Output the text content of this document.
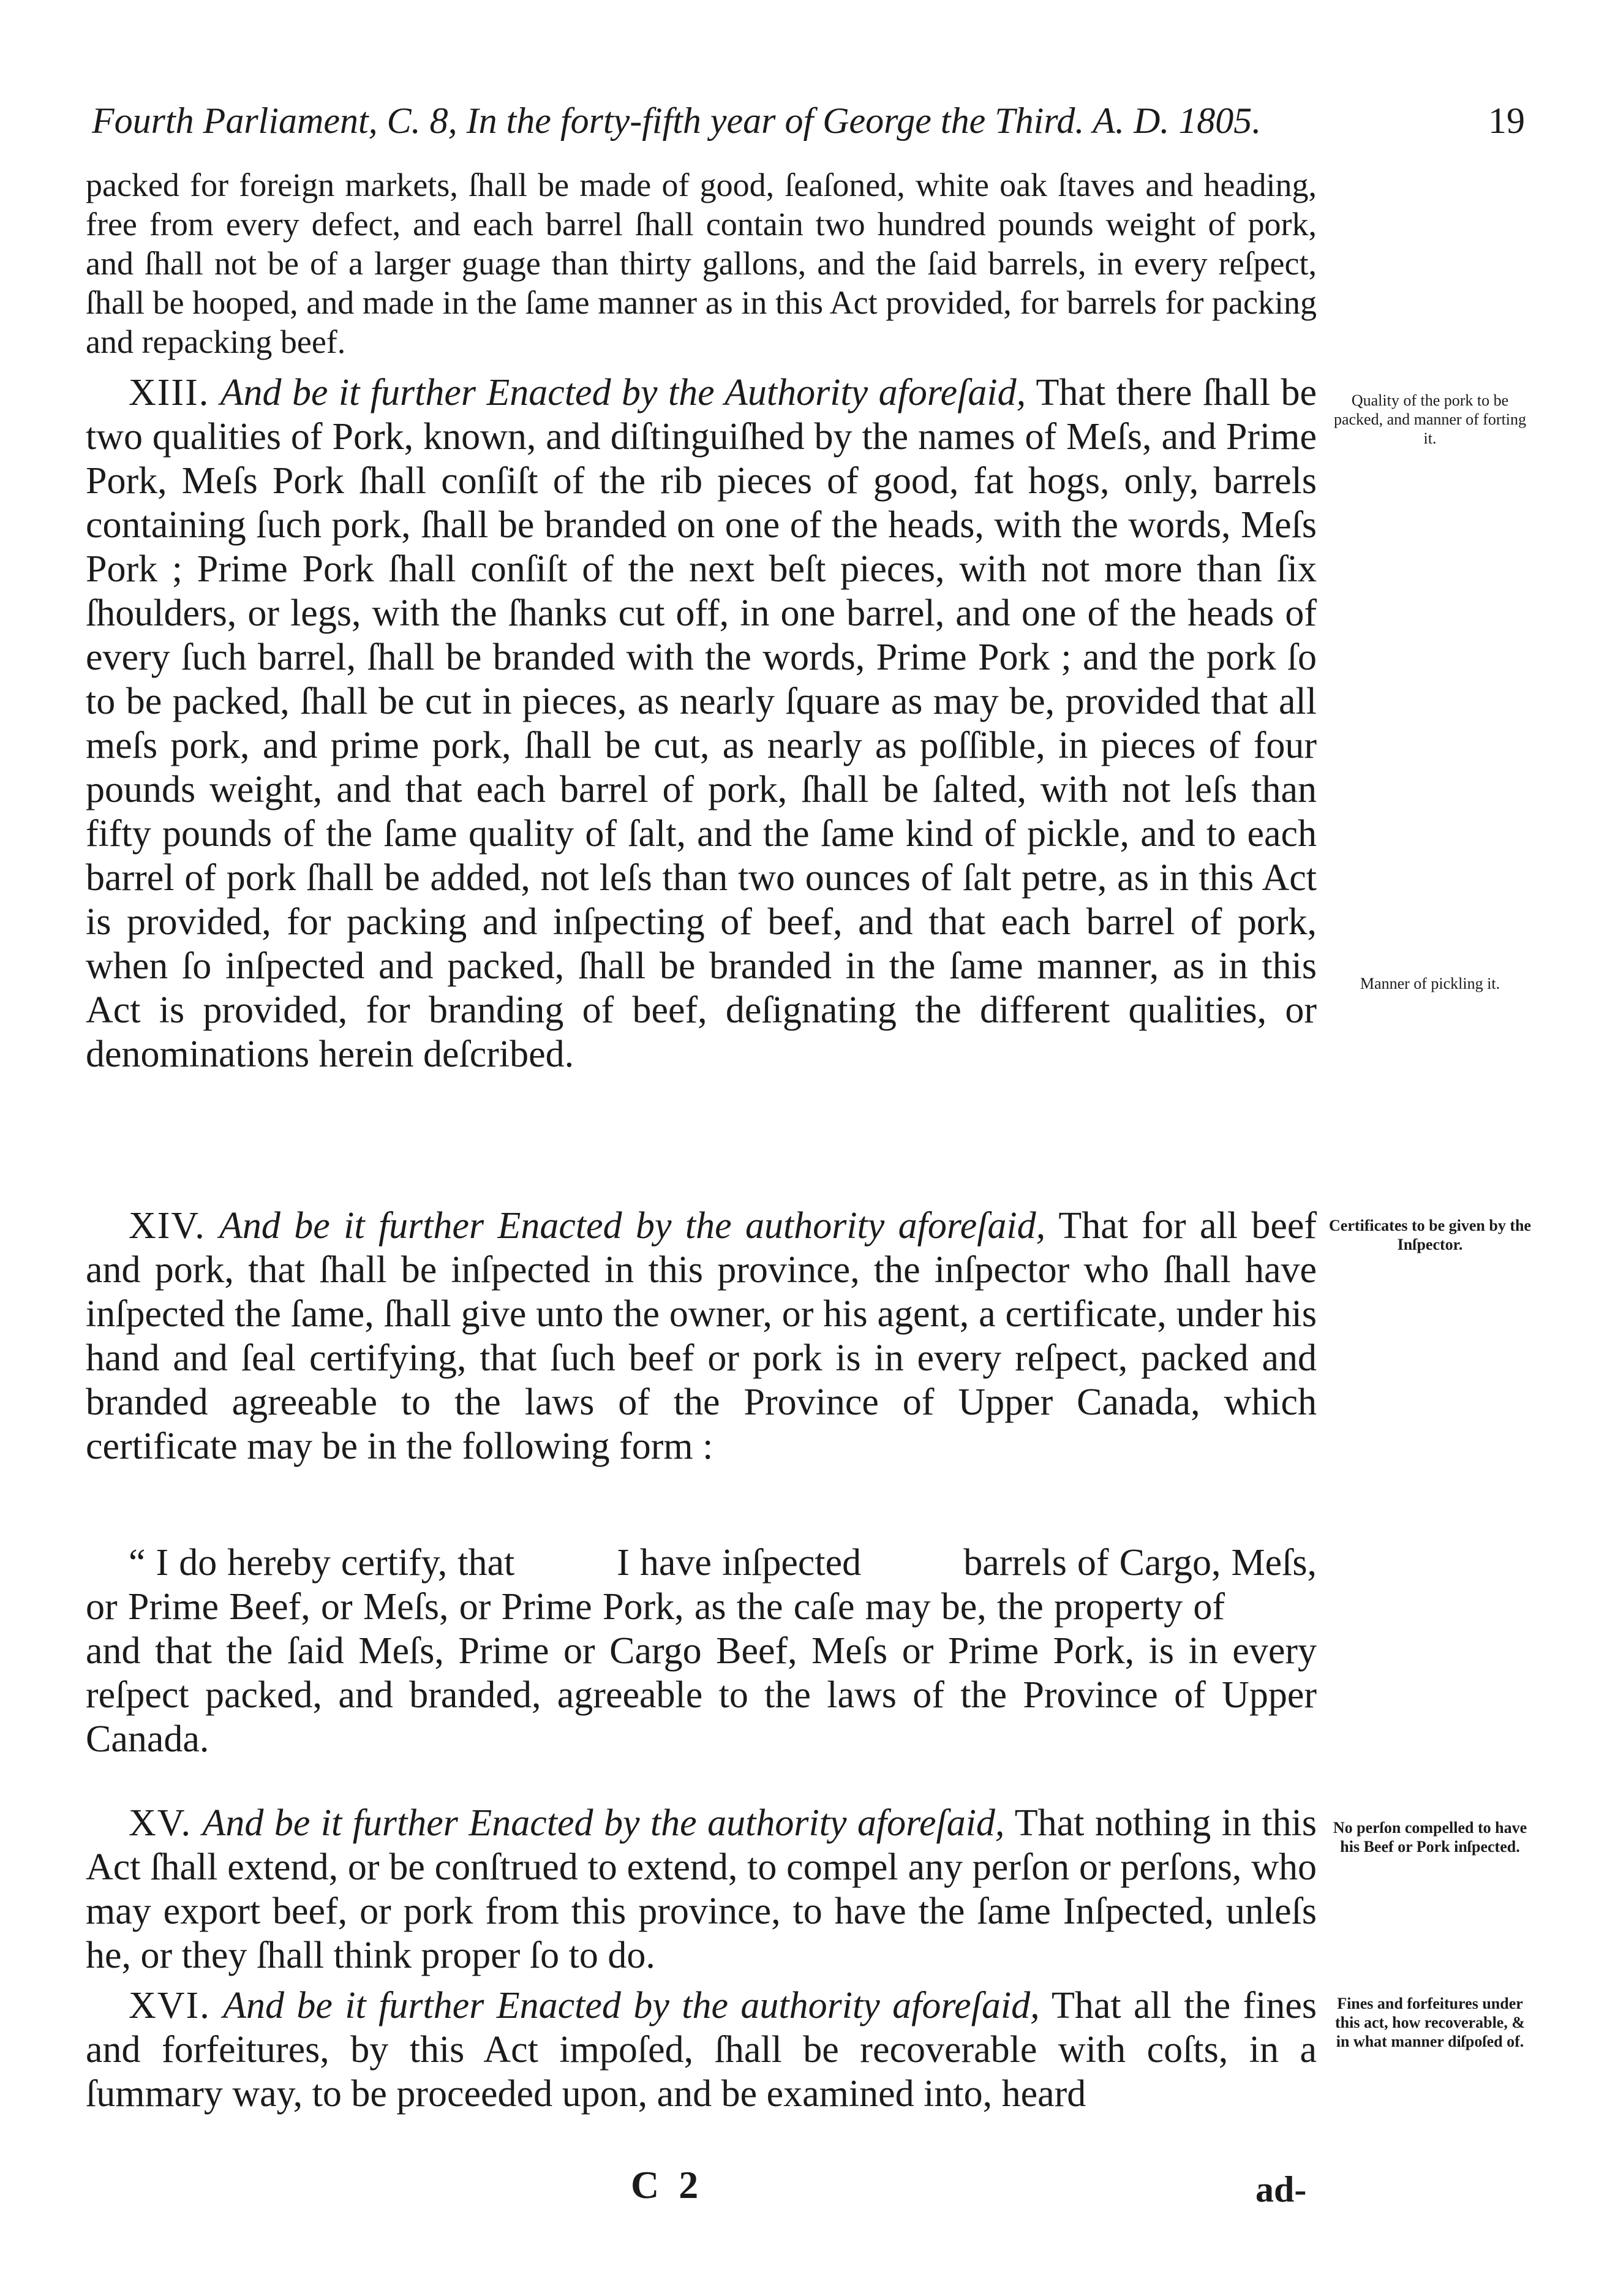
Fourth Parliament, C. 8, In the forty-fifth year of George the Third. A. D. 1805.	19

packed for foreign markets, ſhall be made of good, ſeaſoned, white oak ſtaves and heading, free from every defect, and each barrel ſhall contain two hundred pounds weight of pork, and ſhall not be of a larger guage than thirty gallons, and the ſaid barrels, in every reſpect, ſhall be hooped, and made in the ſame manner as in this Act provided, for barrels for packing and repacking beef.

XIII. And be it further Enacted by the Authority aforeſaid, That there ſhall be two qualities of Pork, known, and diſtinguiſhed by the names of Meſs, and Prime Pork, Meſs Pork ſhall conſiſt of the rib pieces of good, fat hogs, only, barrels containing ſuch pork, ſhall be branded on one of the heads, with the words, Meſs Pork ; Prime Pork ſhall conſiſt of the next beſt pieces, with not more than ſix ſhoulders, or legs, with the ſhanks cut off, in one barrel, and one of the heads of every ſuch barrel, ſhall be branded with the words, Prime Pork ; and the pork ſo to be packed, ſhall be cut in pieces, as nearly ſquare as may be, provided that all meſs pork, and prime pork, ſhall be cut, as nearly as poſſible, in pieces of four pounds weight, and that each barrel of pork, ſhall be ſalted, with not leſs than fifty pounds of the ſame quality of ſalt, and the ſame kind of pickle, and to each barrel of pork ſhall be added, not leſs than two ounces of ſalt petre, as in this Act is provided, for packing and inſpecting of beef, and that each barrel of pork, when ſo inſpected and packed, ſhall be branded in the ſame manner, as in this Act is provided, for branding of beef, deſignating the different qualities, or denominations herein deſcribed.

XIV. And be it further Enacted by the authority aforeſaid, That for all beef and pork, that ſhall be inſpected in this province, the inſpector who ſhall have inſpected the ſame, ſhall give unto the owner, or his agent, a certificate, under his hand and ſeal certifying, that ſuch beef or pork is in every reſpect, packed and branded agreeable to the laws of the Province of Upper Canada, which certificate may be in the following form :

“ I do hereby certify, that	I have inſpected	barrels of Cargo, Meſs, or Prime Beef, or Meſs, or Prime Pork, as the caſe may be, the property of and that the ſaid Meſs, Prime or Cargo Beef, Meſs or Prime Pork, is in every reſpect packed, and branded, agreeable to the laws of the Province of Upper Canada.

XV. And be it further Enacted by the authority aforeſaid, That nothing in this Act ſhall extend, or be conſtrued to extend, to compel any perſon or perſons, who may export beef, or pork from this province, to have the ſame Inſpected, unleſs he, or they ſhall think proper ſo to do.

XVI. And be it further Enacted by the authority aforeſaid, That all the fines and forfeitures, by this Act impoſed, ſhall be recoverable with coſts, in a ſummary way, to be proceeded upon, and be examined into, heard

Quality of the pork to be packed, and manner of forting it.
Manner of pickling it.
Certificates to be given by the Inſpector.
No perſon compelled to have his Beef or Pork inſpected.
Fines and forfeitures under this act, how recoverable, & in what manner diſpoſed of.
C 2	ad-
